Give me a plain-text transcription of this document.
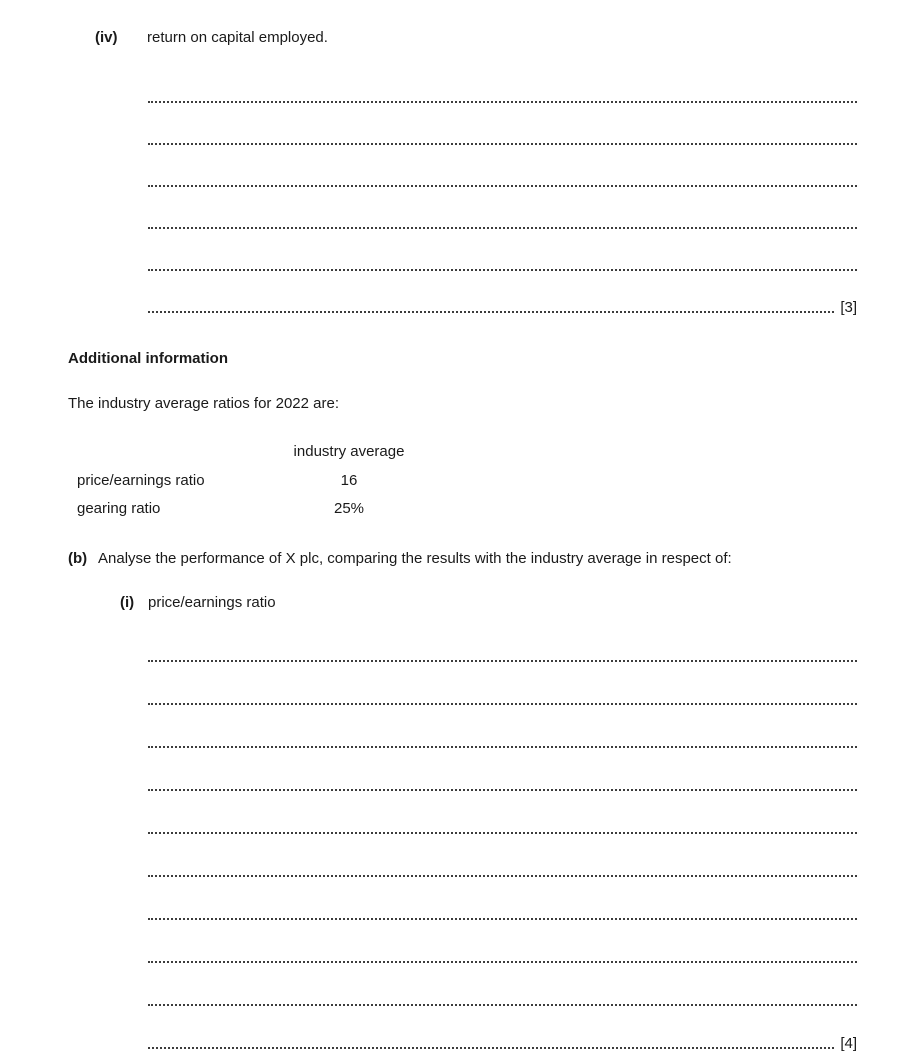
(iv)	return on capital employed.
[3]
Additional information

The industry average ratios for 2022 are:

	industry average
price/earnings ratio	16
gearing ratio	25%
(b) Analyse the performance of X plc, comparing the results with the industry average in respect of:
(i) price/earnings ratio
[4]
